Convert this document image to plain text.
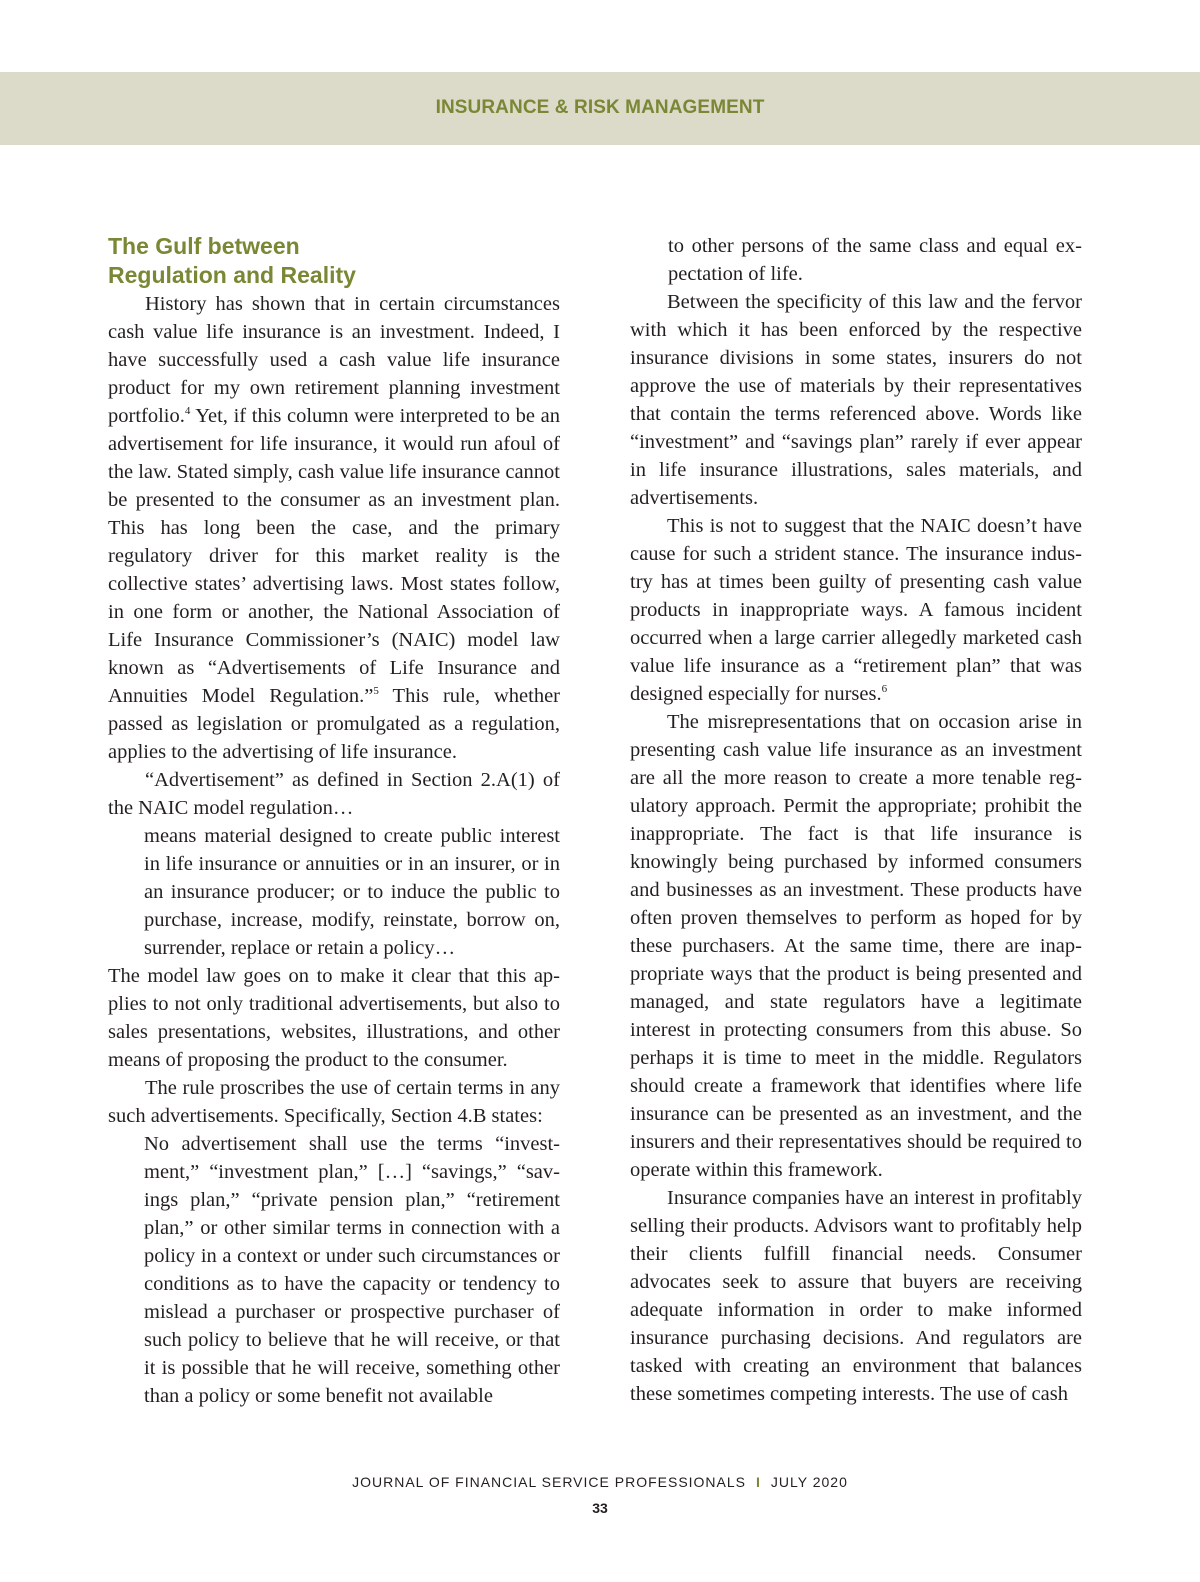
INSURANCE & RISK MANAGEMENT
The Gulf between
Regulation and Reality

History has shown that in certain circumstances cash value life insurance is an investment. Indeed, I have successfully used a cash value life insurance product for my own retirement planning investment portfolio.$^4$ Yet, if this column were interpreted to be an advertisement for life insurance, it would run afoul of the law. Stated simply, cash value life insurance cannot be presented to the consumer as an investment plan. This has long been the case, and the primary regulatory driver for this market reality is the collective states’ advertising laws. Most states follow, in one form or another, the National Association of Life Insurance Commissioner’s (NAIC) model law known as “Advertisements of Life Insurance and Annuities Model Regulation.”$^5$ This rule, whether passed as legislation or promulgated as a regulation, applies to the advertising of life insurance.

“Advertisement” as defined in Section 2.A(1) of the NAIC model regulation…

means material designed to create public interest in life insurance or annuities or in an insurer, or in an insurance producer; or to induce the public to purchase, increase, modify, reinstate, borrow on, surrender, replace or retain a policy…

The model law goes on to make it clear that this applies to not only traditional advertisements, but also to sales presentations, websites, illustrations, and other means of proposing the product to the consumer.

The rule proscribes the use of certain terms in any such advertisements. Specifically, Section 4.B states:

No advertisement shall use the terms “investment,” “investment plan,” […] “savings,” “savings plan,” “private pension plan,” “retirement plan,” or other similar terms in connection with a policy in a context or under such circumstances or conditions as to have the capacity or tendency to mislead a purchaser or prospective purchaser of such policy to believe that he will receive, or that it is possible that he will receive, something other than a policy or some benefit not available

to other persons of the same class and equal expectation of life.

Between the specificity of this law and the fervor with which it has been enforced by the respective insurance divisions in some states, insurers do not approve the use of materials by their representatives that contain the terms referenced above. Words like “investment” and “savings plan” rarely if ever appear in life insurance illustrations, sales materials, and advertisements.

This is not to suggest that the NAIC doesn’t have cause for such a strident stance. The insurance industry has at times been guilty of presenting cash value products in inappropriate ways. A famous incident occurred when a large carrier allegedly marketed cash value life insurance as a “retirement plan” that was designed especially for nurses.$^6$

The misrepresentations that on occasion arise in presenting cash value life insurance as an investment are all the more reason to create a more tenable regulatory approach. Permit the appropriate; prohibit the inappropriate. The fact is that life insurance is knowingly being purchased by informed consumers and businesses as an investment. These products have often proven themselves to perform as hoped for by these purchasers. At the same time, there are inappropriate ways that the product is being presented and managed, and state regulators have a legitimate interest in protecting consumers from this abuse. So perhaps it is time to meet in the middle. Regulators should create a framework that identifies where life insurance can be presented as an investment, and the insurers and their representatives should be required to operate within this framework.

Insurance companies have an interest in profitably selling their products. Advisors want to profitably help their clients fulfill financial needs. Consumer advocates seek to assure that buyers are receiving adequate information in order to make informed insurance purchasing decisions. And regulators are tasked with creating an environment that balances these sometimes competing interests. The use of cash

JOURNAL OF FINANCIAL SERVICE PROFESSIONALS I JULY 2020
33
